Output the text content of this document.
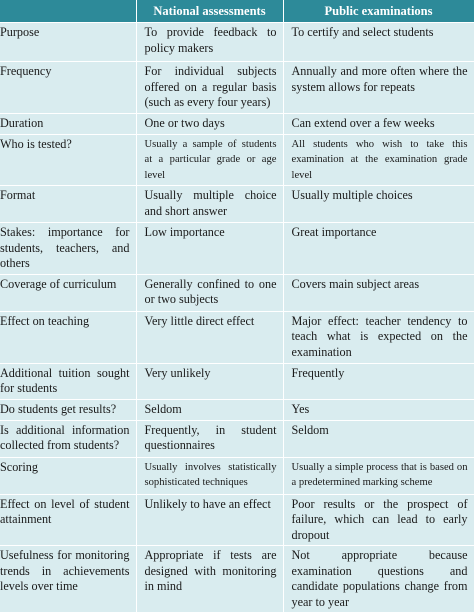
	National assessments	Public examinations
Purpose	To provide feedback to policy makers	To certify and select students
Frequency	For individual subjects offered on a regular basis (such as every four years)	Annually and more often where the system allows for repeats
Duration	One or two days	Can extend over a few weeks
Who is tested?	Usually a sample of students at a particular grade or age level	All students who wish to take this examination at the examination grade level
Format	Usually multiple choice and short answer	Usually multiple choices
Stakes: importance for students, teachers, and others	Low importance	Great importance
Coverage of curriculum	Generally confined to one or two subjects	Covers main subject areas
Effect on teaching	Very little direct effect	Major effect: teacher tendency to teach what is expected on the examination
Additional tuition sought for students	Very unlikely	Frequently
Do students get results?	Seldom	Yes
Is additional information collected from students?	Frequently, in student questionnaires	Seldom
Scoring	Usually involves statistically sophisticated techniques	Usually a simple process that is based on a predetermined marking scheme
Effect on level of student attainment	Unlikely to have an effect	Poor results or the prospect of failure, which can lead to early dropout
Usefulness for monitoring trends in achievements levels over time	Appropriate if tests are designed with monitoring in mind	Not appropriate because examination questions and candidate populations change from year to year
